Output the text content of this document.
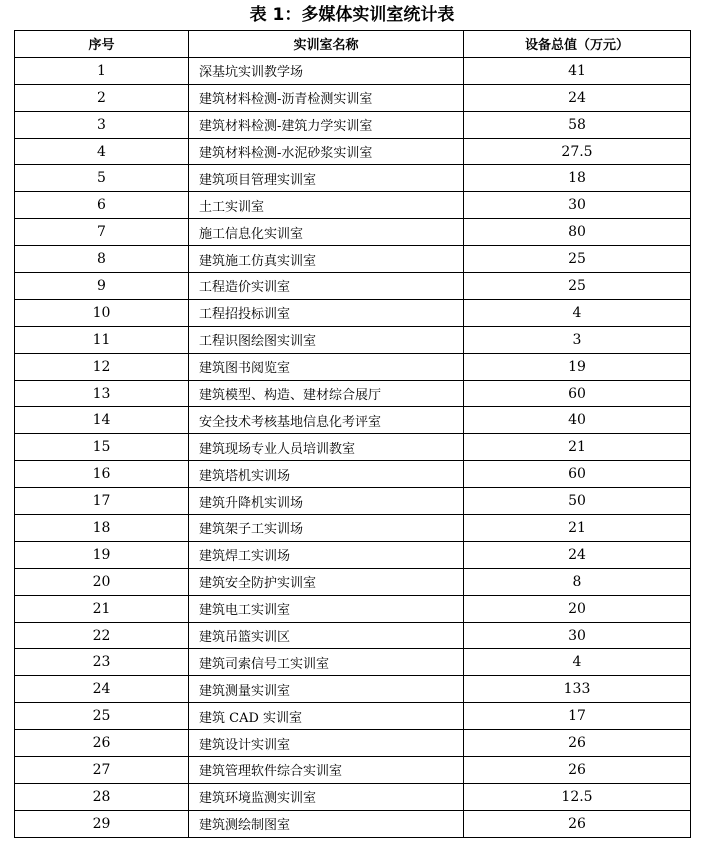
表 1：多媒体实训室统计表
序号	实训室名称	设备总值（万元）
1	深基坑实训教学场	41
2	建筑材料检测-沥青检测实训室	24
3	建筑材料检测-建筑力学实训室	58
4	建筑材料检测-水泥砂浆实训室	27.5
5	建筑项目管理实训室	18
6	土工实训室	30
7	施工信息化实训室	80
8	建筑施工仿真实训室	25
9	工程造价实训室	25
10	工程招投标训室	4
11	工程识图绘图实训室	3
12	建筑图书阅览室	19
13	建筑模型、构造、建材综合展厅	60
14	安全技术考核基地信息化考评室	40
15	建筑现场专业人员培训教室	21
16	建筑塔机实训场	60
17	建筑升降机实训场	50
18	建筑架子工实训场	21
19	建筑焊工实训场	24
20	建筑安全防护实训室	8
21	建筑电工实训室	20
22	建筑吊篮实训区	30
23	建筑司索信号工实训室	4
24	建筑测量实训室	133
25	建筑 CAD 实训室	17
26	建筑设计实训室	26
27	建筑管理软件综合实训室	26
28	建筑环境监测实训室	12.5
29	建筑测绘制图室	26
